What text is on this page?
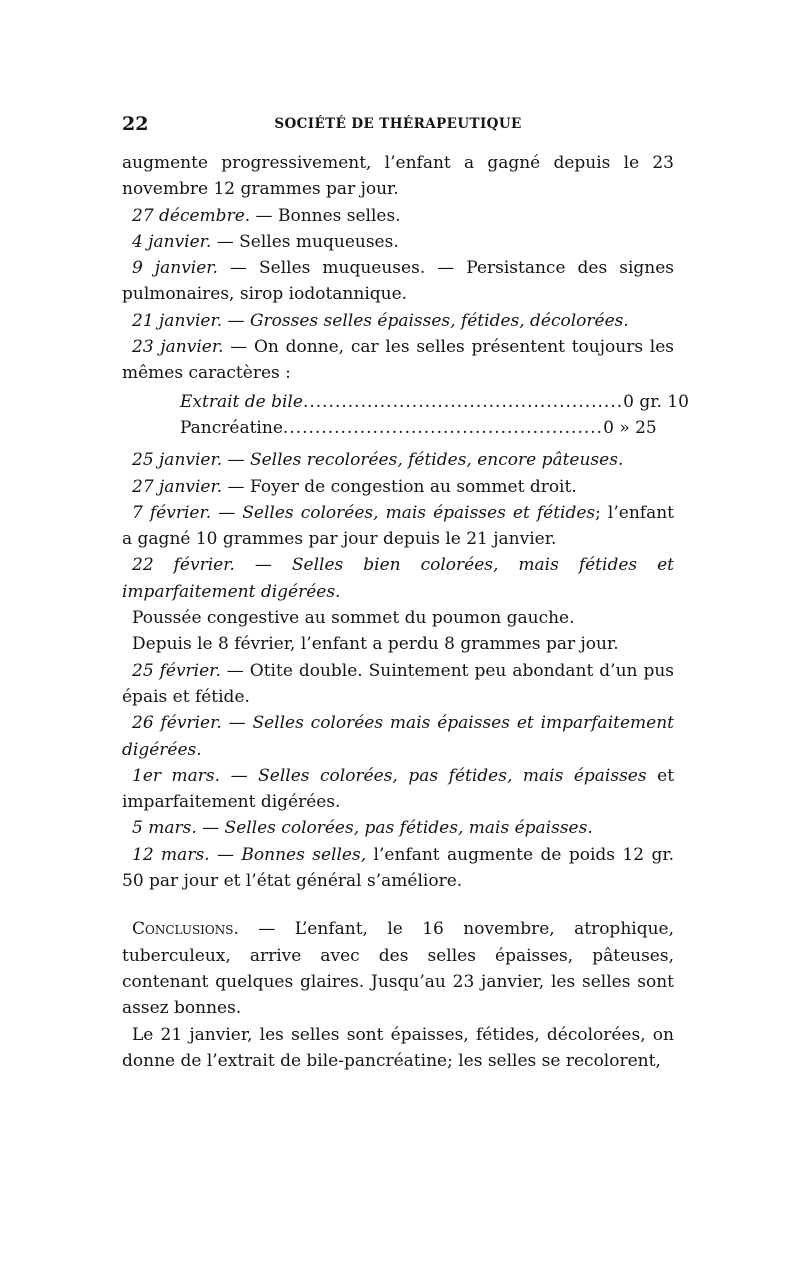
22	SOCIÉTÉ DE THÉRAPEUTIQUE

augmente progressivement, l’enfant a gagné depuis le 23 novembre 12 grammes par jour.

27 décembre. — Bonnes selles.

4 janvier. — Selles muqueuses.

9 janvier. — Selles muqueuses. — Persistance des signes pulmonaires, sirop iodotannique.

21 janvier. — Grosses selles épaisses, fétides, décolorées.

23 janvier. — On donne, car les selles présentent toujours les mêmes caractères :

Extrait de bile .................................................. 0 gr. 10
Pancréatine .................................................. 0 » 25

25 janvier. — Selles recolorées, fétides, encore pâteuses.

27 janvier. — Foyer de congestion au sommet droit.

7 février. — Selles colorées, mais épaisses et fétides; l’enfant a gagné 10 grammes par jour depuis le 21 janvier.

22 février. — Selles bien colorées, mais fétides et imparfaitement digérées.

Poussée congestive au sommet du poumon gauche.

Depuis le 8 février, l’enfant a perdu 8 grammes par jour.

25 février. — Otite double. Suintement peu abondant d’un pus épais et fétide.

26 février. — Selles colorées mais épaisses et imparfaitement digérées.

1er mars. — Selles colorées, pas fétides, mais épaisses et imparfaitement digérées.

5 mars. — Selles colorées, pas fétides, mais épaisses.

12 mars. — Bonnes selles, l’enfant augmente de poids 12 gr. 50 par jour et l’état général s’améliore.

Conclusions. — L’enfant, le 16 novembre, atrophique, tuberculeux, arrive avec des selles épaisses, pâteuses, contenant quelques glaires. Jusqu’au 23 janvier, les selles sont assez bonnes.

Le 21 janvier, les selles sont épaisses, fétides, décolorées, on donne de l’extrait de bile-pancréatine; les selles se recolorent,
